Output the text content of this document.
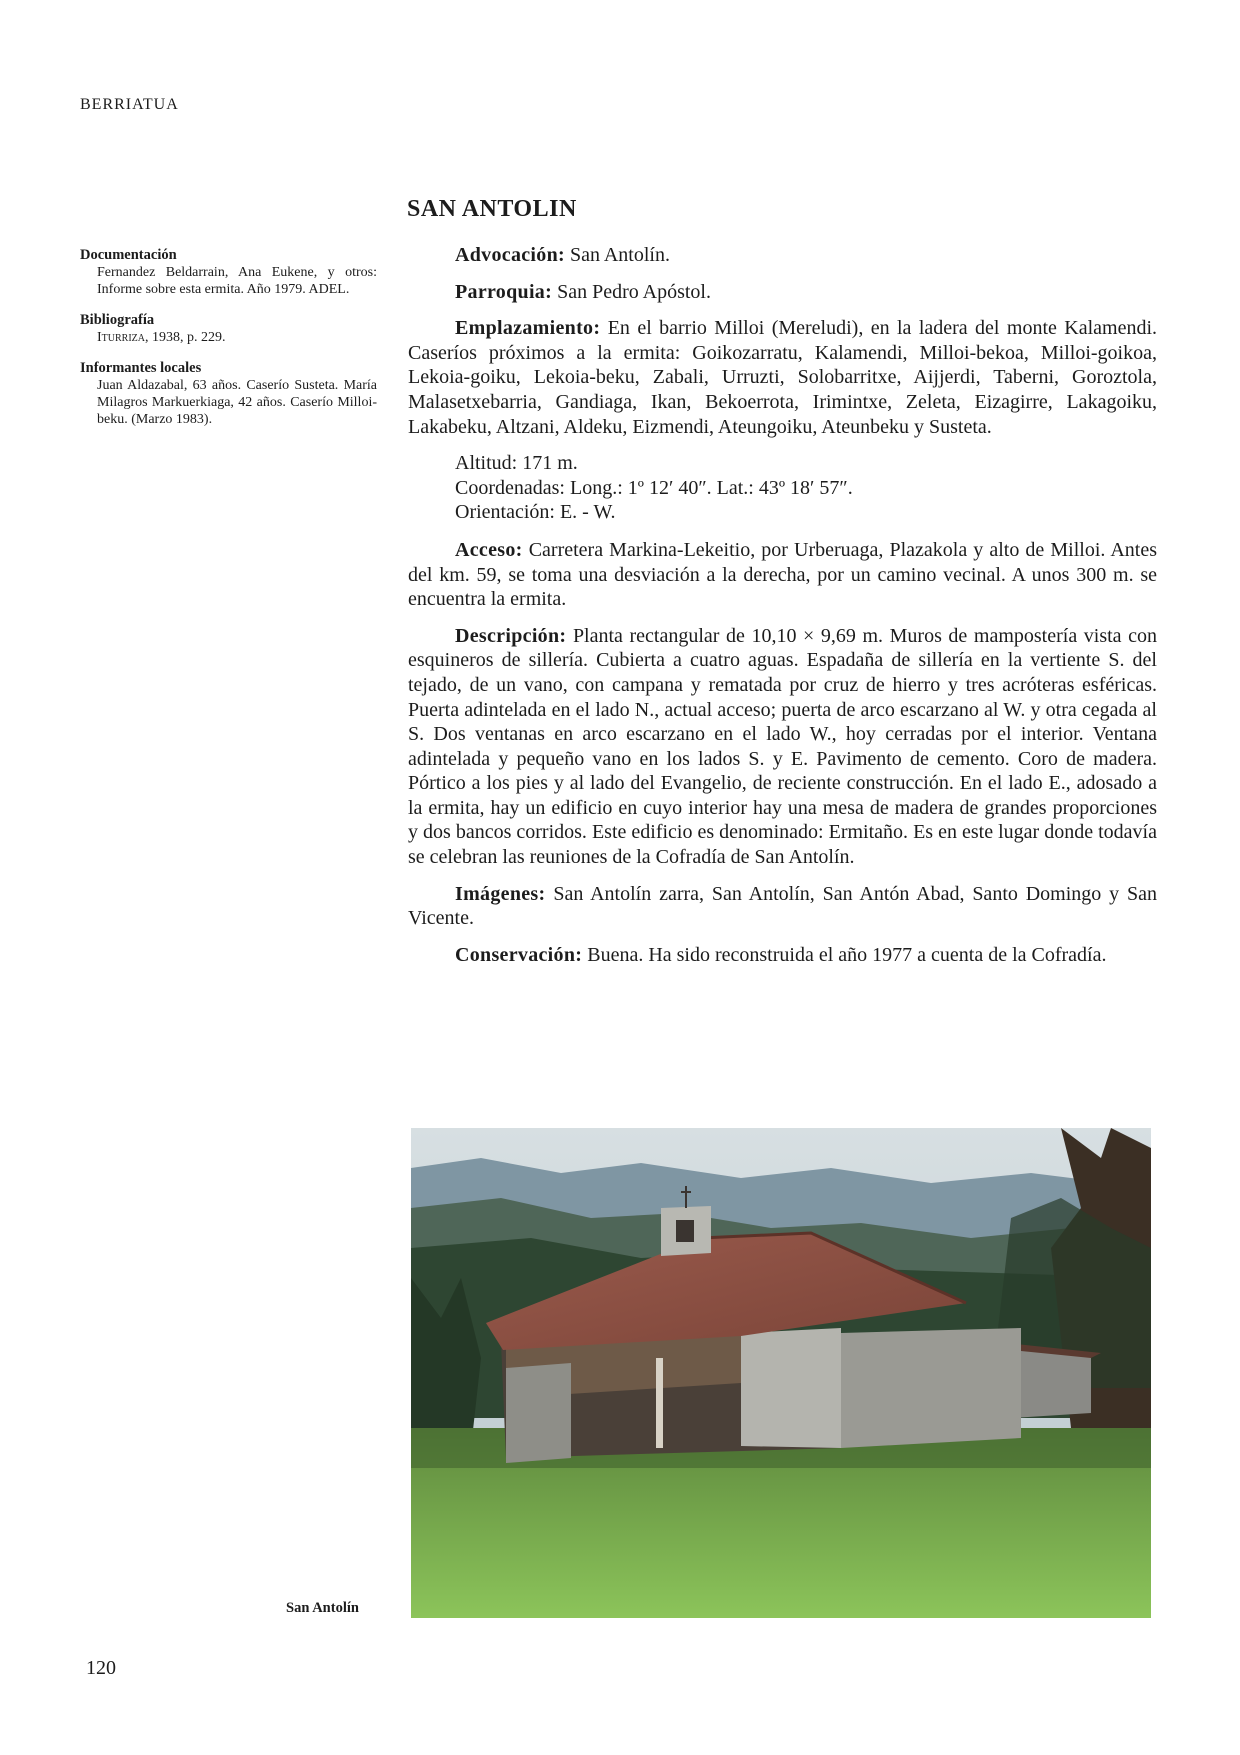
BERRIATUA
SAN ANTOLIN

Documentación

Fernandez Beldarrain, Ana Eukene, y otros: Informe sobre esta ermita. Año 1979. ADEL.

Bibliografía

Iturriza, 1938, p. 229.

Informantes locales

Juan Aldazabal, 63 años. Caserío Susteta. María Milagros Markuerkiaga, 42 años. Caserío Milloi-beku. (Marzo 1983).

Advocación: San Antolín.

Parroquia: San Pedro Apóstol.

Emplazamiento: En el barrio Milloi (Mereludi), en la ladera del monte Kalamendi. Caseríos próximos a la ermita: Goikozarratu, Kalamendi, Milloi-bekoa, Milloi-goikoa, Lekoia-goiku, Lekoia-beku, Zabali, Urruzti, Solobarritxe, Aijjerdi, Taberni, Goroztola, Malasetxebarria, Gandiaga, Ikan, Bekoerrota, Irimintxe, Zeleta, Eizagirre, Lakagoiku, Lakabeku, Altzani, Aldeku, Eizmendi, Ateungoiku, Ateunbeku y Susteta.

Altitud: 171 m.
Coordenadas: Long.: 1º 12′ 40″. Lat.: 43º 18′ 57″.
Orientación: E. - W.

Acceso: Carretera Markina-Lekeitio, por Urberuaga, Plazakola y alto de Milloi. Antes del km. 59, se toma una desviación a la derecha, por un camino vecinal. A unos 300 m. se encuentra la ermita.

Descripción: Planta rectangular de 10,10 × 9,69 m. Muros de mampostería vista con esquineros de sillería. Cubierta a cuatro aguas. Espadaña de sillería en la vertiente S. del tejado, de un vano, con campana y rematada por cruz de hierro y tres acróteras esféricas. Puerta adintelada en el lado N., actual acceso; puerta de arco escarzano al W. y otra cegada al S. Dos ventanas en arco escarzano en el lado W., hoy cerradas por el interior. Ventana adintelada y pequeño vano en los lados S. y E. Pavimento de cemento. Coro de madera. Pórtico a los pies y al lado del Evangelio, de reciente construcción. En el lado E., adosado a la ermita, hay un edificio en cuyo interior hay una mesa de madera de grandes proporciones y dos bancos corridos. Este edificio es denominado: Ermitaño. Es en este lugar donde todavía se celebran las reuniones de la Cofradía de San Antolín.

Imágenes: San Antolín zarra, San Antolín, San Antón Abad, Santo Domingo y San Vicente.

Conservación: Buena. Ha sido reconstruida el año 1977 a cuenta de la Cofradía.

San Antolín
120
